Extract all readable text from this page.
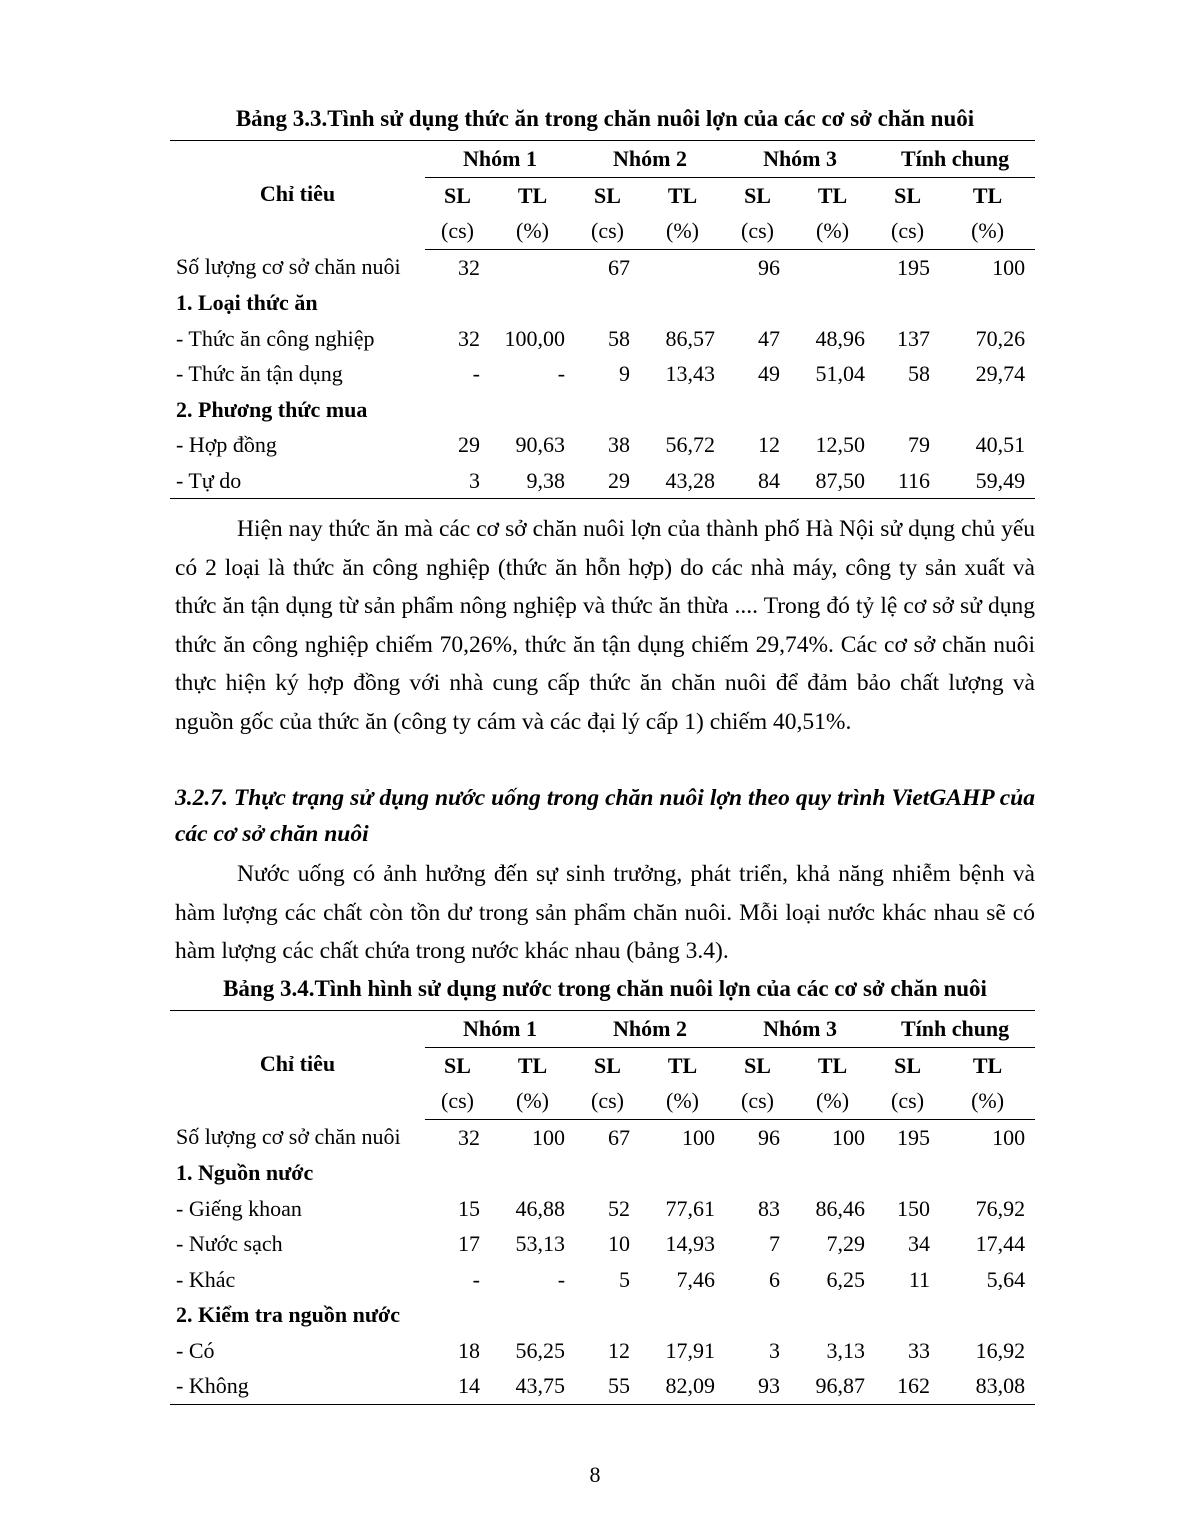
Bảng 3.3.Tình sử dụng thức ăn trong chăn nuôi lợn của các cơ sở chăn nuôi
Chỉ tiêu	Nhóm 1		Nhóm 2		Nhóm 3		Tính chung	
	SL	TL	SL	TL	SL	TL	SL	TL
	(cs)	(%)	(cs)	(%)	(cs)	(%)	(cs)	(%)
Số lượng cơ sở chăn nuôi	32		67		96		195	100
1. Loại thức ăn								
- Thức ăn công nghiệp	32	100,00	58	86,57	47	48,96	137	70,26
- Thức ăn tận dụng	-	-	9	13,43	49	51,04	58	29,74
2. Phương thức mua								
- Hợp đồng	29	90,63	38	56,72	12	12,50	79	40,51
- Tự do	3	9,38	29	43,28	84	87,50	116	59,49

Hiện nay thức ăn mà các cơ sở chăn nuôi lợn của thành phố Hà Nội sử dụng chủ yếu có 2 loại là thức ăn công nghiệp (thức ăn hỗn hợp) do các nhà máy, công ty sản xuất và thức ăn tận dụng từ sản phẩm nông nghiệp và thức ăn thừa .... Trong đó tỷ lệ cơ sở sử dụng thức ăn công nghiệp chiếm 70,26%, thức ăn tận dụng chiếm 29,74%. Các cơ sở chăn nuôi thực hiện ký hợp đồng với nhà cung cấp thức ăn chăn nuôi để đảm bảo chất lượng và nguồn gốc của thức ăn (công ty cám và các đại lý cấp 1) chiếm 40,51%.

3.2.7. Thực trạng sử dụng nước uống trong chăn nuôi lợn theo quy trình VietGAHP của các cơ sở chăn nuôi

Nước uống có ảnh hưởng đến sự sinh trưởng, phát triển, khả năng nhiễm bệnh và hàm lượng các chất còn tồn dư trong sản phẩm chăn nuôi. Mỗi loại nước khác nhau sẽ có hàm lượng các chất chứa trong nước khác nhau (bảng 3.4).

Bảng 3.4.Tình hình sử dụng nước trong chăn nuôi lợn của các cơ sở chăn nuôi
Chỉ tiêu	Nhóm 1		Nhóm 2		Nhóm 3		Tính chung	
	SL	TL	SL	TL	SL	TL	SL	TL
	(cs)	(%)	(cs)	(%)	(cs)	(%)	(cs)	(%)
Số lượng cơ sở chăn nuôi	32	100	67	100	96	100	195	100
1. Nguồn nước								
- Giếng khoan	15	46,88	52	77,61	83	86,46	150	76,92
- Nước sạch	17	53,13	10	14,93	7	7,29	34	17,44
- Khác	-	-	5	7,46	6	6,25	11	5,64
2. Kiểm tra nguồn nước								
- Có	18	56,25	12	17,91	3	3,13	33	16,92
- Không	14	43,75	55	82,09	93	96,87	162	83,08
8
